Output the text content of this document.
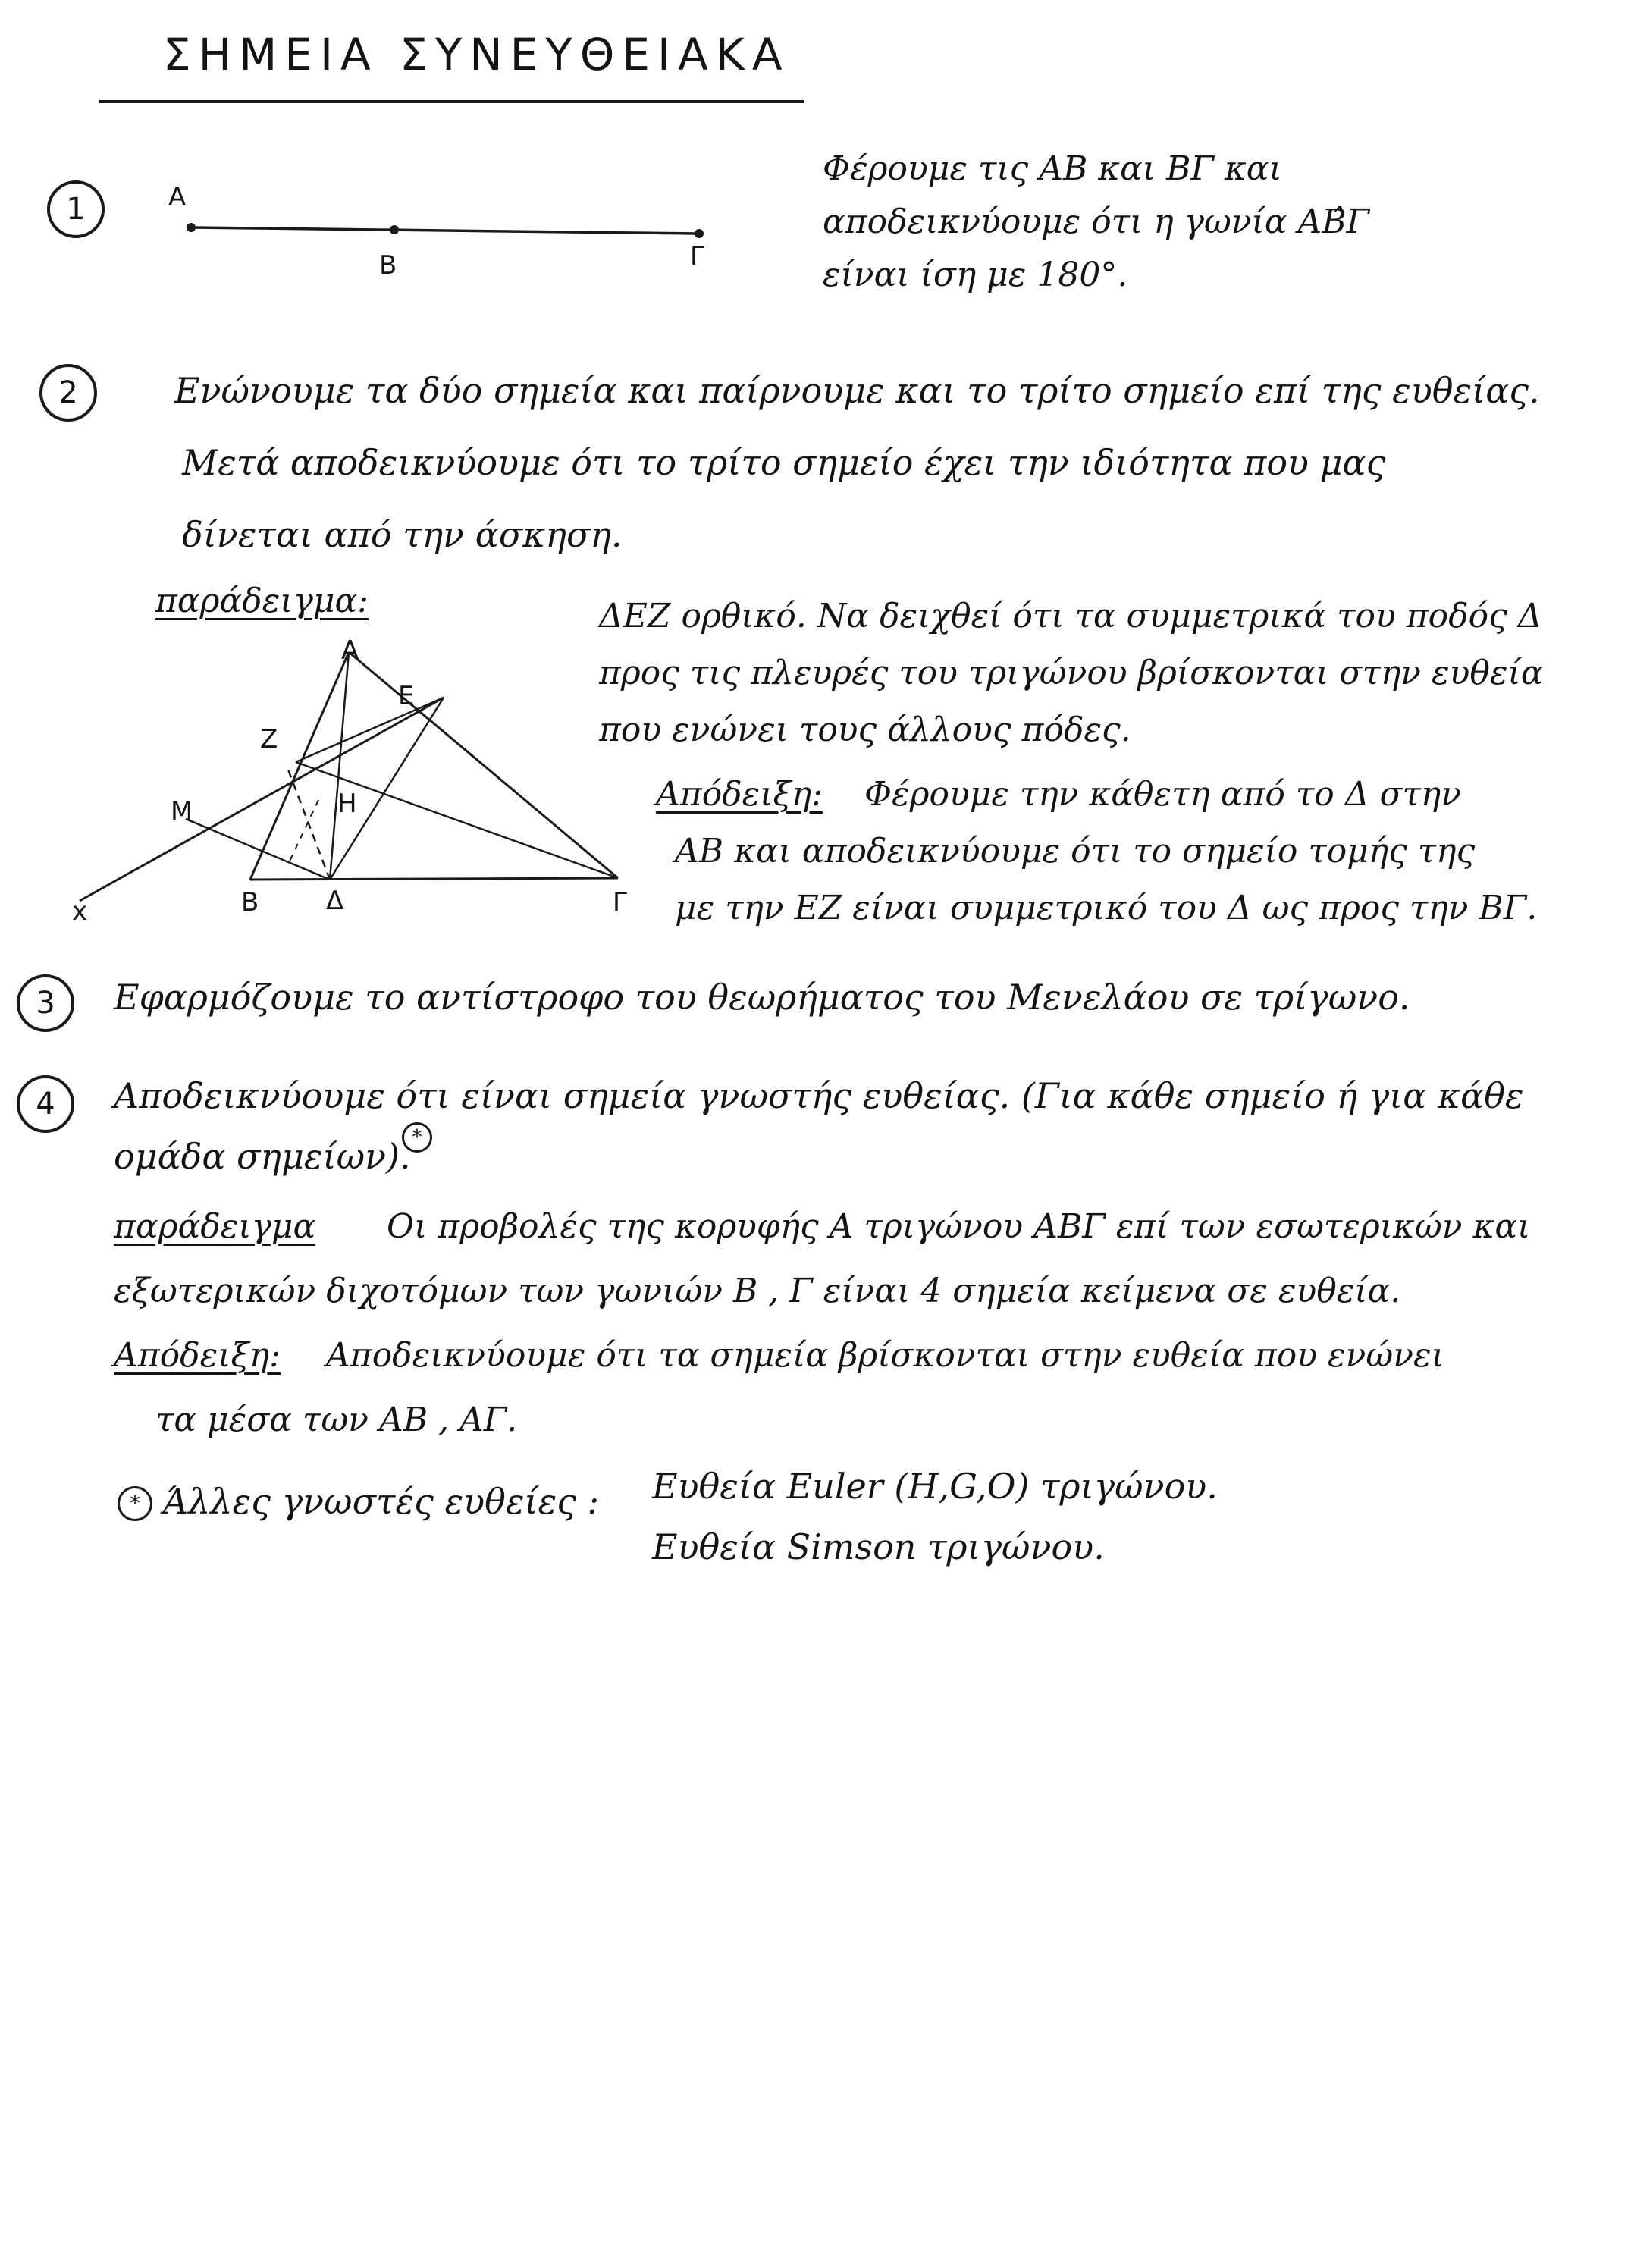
ΣΗΜΕΙΑ ΣΥΝΕΥΘΕΙΑΚΑ
1	A
B	Γ
Φέρουμε τις AB και BΓ και
αποδεικνύουμε ότι η γωνία ΑΒ̂Γ
είναι ίση με 180°.
2	Ενώνουμε τα δύο σημεία και παίρνουμε και το τρίτο σημείο επί της ευθείας.
Μετά αποδεικνύουμε ότι το τρίτο σημείο έχει την ιδιότητα που μας
δίνεται από την άσκηση.
παράδειγμα:
A
Ε
Ζ
Η
Μ
Β	Δ	Γ
x
ΔΕΖ ορθικό. Να δειχθεί ότι τα συμμετρικά του ποδός Δ
προς τις πλευρές του τριγώνου βρίσκονται στην ευθεία
που ενώνει τους άλλους πόδες.
Απόδειξη: Φέρουμε την κάθετη από το Δ στην
AB και αποδεικνύουμε ότι το σημείο τομής της
με την ΕΖ είναι συμμετρικό του Δ ως προς την ΒΓ.
3	Εφαρμόζουμε το αντίστροφο του θεωρήματος του Μενελάου σε τρίγωνο.
4	Αποδεικνύουμε ότι είναι σημεία γνωστής ευθείας. (Για κάθε σημείο ή για κάθε
ομάδα σημείων). *
παράδειγμα Οι προβολές της κορυφής Α τριγώνου ΑΒΓ επί των εσωτερικών και
εξωτερικών διχοτόμων των γωνιών Β , Γ είναι 4 σημεία κείμενα σε ευθεία.
Απόδειξη: Αποδεικνύουμε ότι τα σημεία βρίσκονται στην ευθεία που ενώνει
τα μέσα των ΑΒ , ΑΓ.
* Άλλες γνωστές ευθείες : Ευθεία Euler (H,G,O) τριγώνου.
Ευθεία Simson τριγώνου.
